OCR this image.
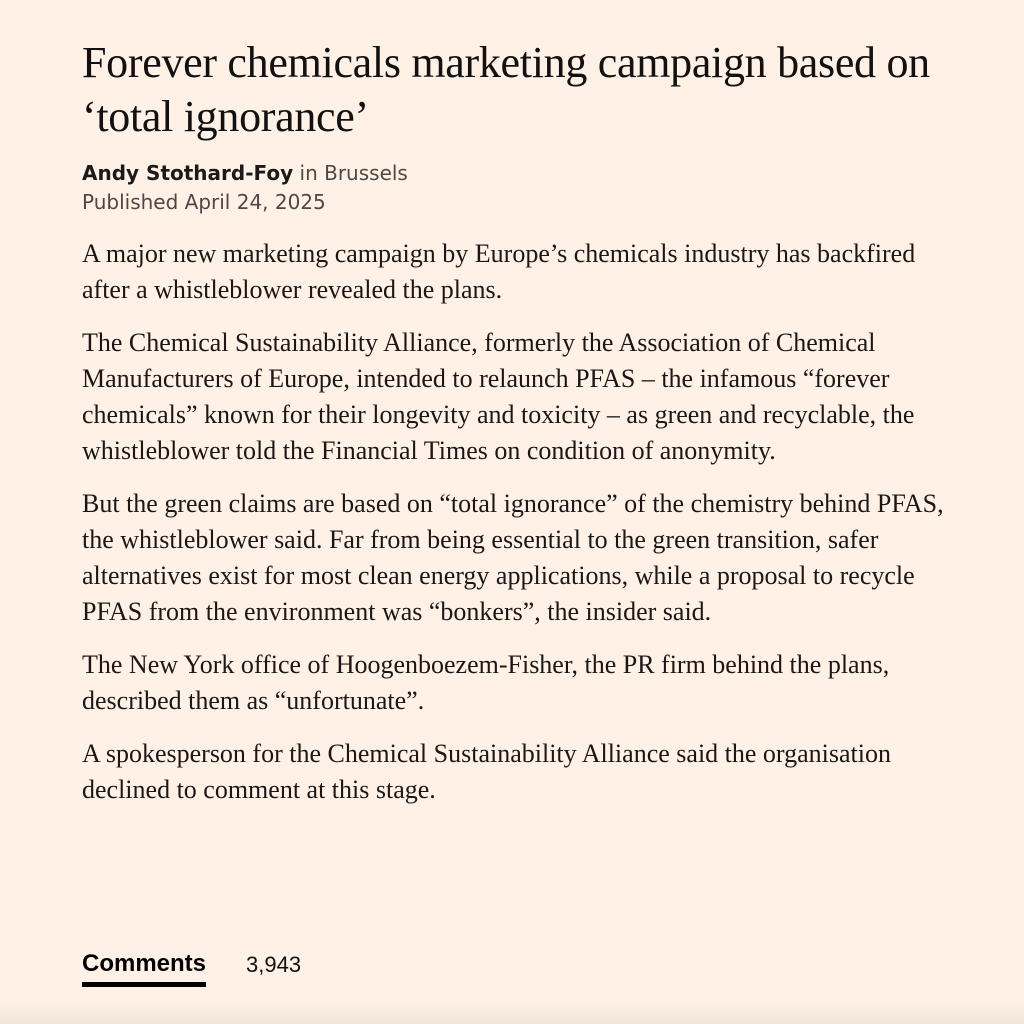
Forever chemicals marketing campaign based on ‘total ignorance’
Andy Stothard-Foy in Brussels
Published April 24, 2025

A major new marketing campaign by Europe’s chemicals industry has backfired after a whistleblower revealed the plans.

The Chemical Sustainability Alliance, formerly the Association of Chemical Manufacturers of Europe, intended to relaunch PFAS – the infamous “forever chemicals” known for their longevity and toxicity – as green and recyclable, the whistleblower told the Financial Times on condition of anonymity.

But the green claims are based on “total ignorance” of the chemistry behind PFAS, the whistleblower said. Far from being essential to the green transition, safer alternatives exist for most clean energy applications, while a proposal to recycle PFAS from the environment was “bonkers”, the insider said.

The New York office of Hoogenboezem-Fisher, the PR firm behind the plans, described them as “unfortunate”.

A spokesperson for the Chemical Sustainability Alliance said the organisation declined to comment at this stage.

Comments 3,943
